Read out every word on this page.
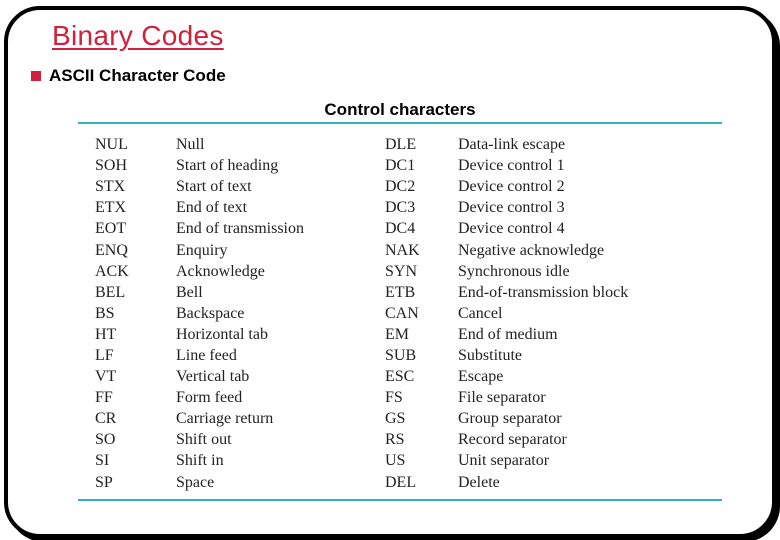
Binary Codes
ASCII Character Code
Control characters
NUL	Null	DLE	Data-link escape
SOH	Start of heading	DC1	Device control 1
STX	Start of text	DC2	Device control 2
ETX	End of text	DC3	Device control 3
EOT	End of transmission	DC4	Device control 4
ENQ	Enquiry	NAK	Negative acknowledge
ACK	Acknowledge	SYN	Synchronous idle
BEL	Bell	ETB	End-of-transmission block
BS	Backspace	CAN	Cancel
HT	Horizontal tab	EM	End of medium
LF	Line feed	SUB	Substitute
VT	Vertical tab	ESC	Escape
FF	Form feed	FS	File separator
CR	Carriage return	GS	Group separator
SO	Shift out	RS	Record separator
SI	Shift in	US	Unit separator
SP	Space	DEL	Delete
